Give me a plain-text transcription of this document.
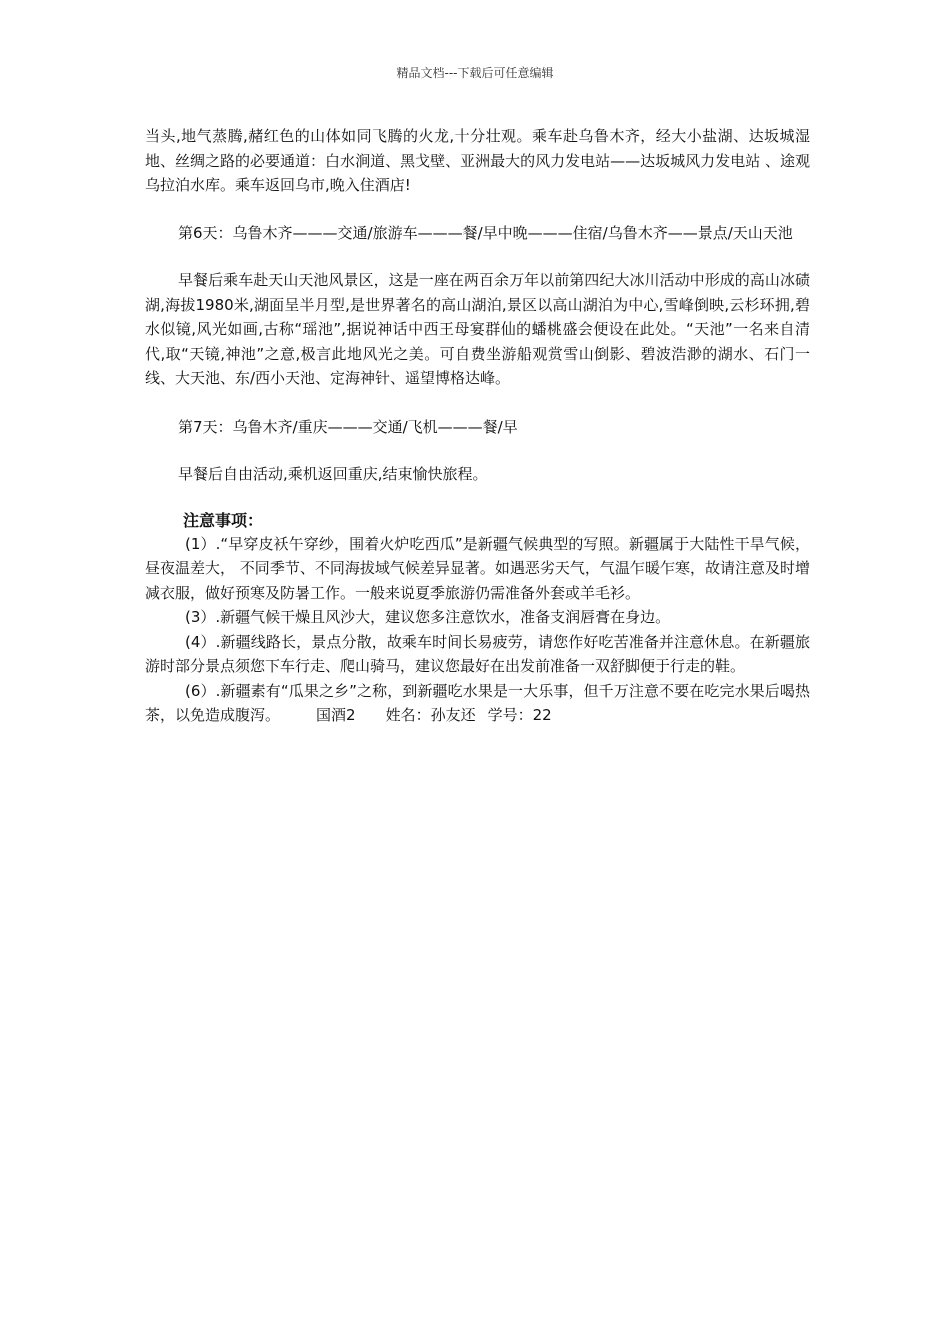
精品文档---下载后可任意编辑

当头,地气蒸腾,赭红色的山体如同飞腾的火龙,十分壮观。乘车赴乌鲁木齐，经大小盐湖、达坂城湿地、丝绸之路的必要通道：白水涧道、黑戈壁、亚洲最大的风力发电站——达坂城风力发电站 、途观乌拉泊水库。乘车返回乌市,晚入住酒店!

第6天：乌鲁木齐———交通/旅游车———餐/早中晚———住宿/乌鲁木齐——景点/天山天池

早餐后乘车赴天山天池风景区，这是一座在两百余万年以前第四纪大冰川活动中形成的高山冰碛湖,海拔1980米,湖面呈半月型,是世界著名的高山湖泊,景区以高山湖泊为中心,雪峰倒映,云杉环拥,碧水似镜,风光如画,古称“瑶池”,据说神话中西王母宴群仙的蟠桃盛会便设在此处。“天池”一名来自清代,取“天镜,神池”之意,极言此地风光之美。可自费坐游船观赏雪山倒影、碧波浩渺的湖水、石门一线、大天池、东/西小天池、定海神针、遥望博格达峰。

第7天：乌鲁木齐/重庆———交通/飞机———餐/早

早餐后自由活动,乘机返回重庆,结束愉快旅程。

注意事项：

(1）.“早穿皮袄午穿纱，围着火炉吃西瓜”是新疆气候典型的写照。新疆属于大陆性干旱气候，昼夜温差大， 不同季节、不同海拔域气候差异显著。如遇恶劣天气，气温乍暖乍寒，故请注意及时增减衣服，做好预寒及防暑工作。一般来说夏季旅游仍需准备外套或羊毛衫。

(3）.新疆气候干燥且风沙大，建议您多注意饮水，准备支润唇膏在身边。

(4）.新疆线路长，景点分散，故乘车时间长易疲劳，请您作好吃苦准备并注意休息。在新疆旅游时部分景点须您下车行走、爬山骑马，建议您最好在出发前准备一双舒脚便于行走的鞋。

(6）.新疆素有“瓜果之乡”之称，到新疆吃水果是一大乐事，但千万注意不要在吃完水果后喝热茶，以免造成腹泻。 国酒2 姓名：孙友还 学号：22
